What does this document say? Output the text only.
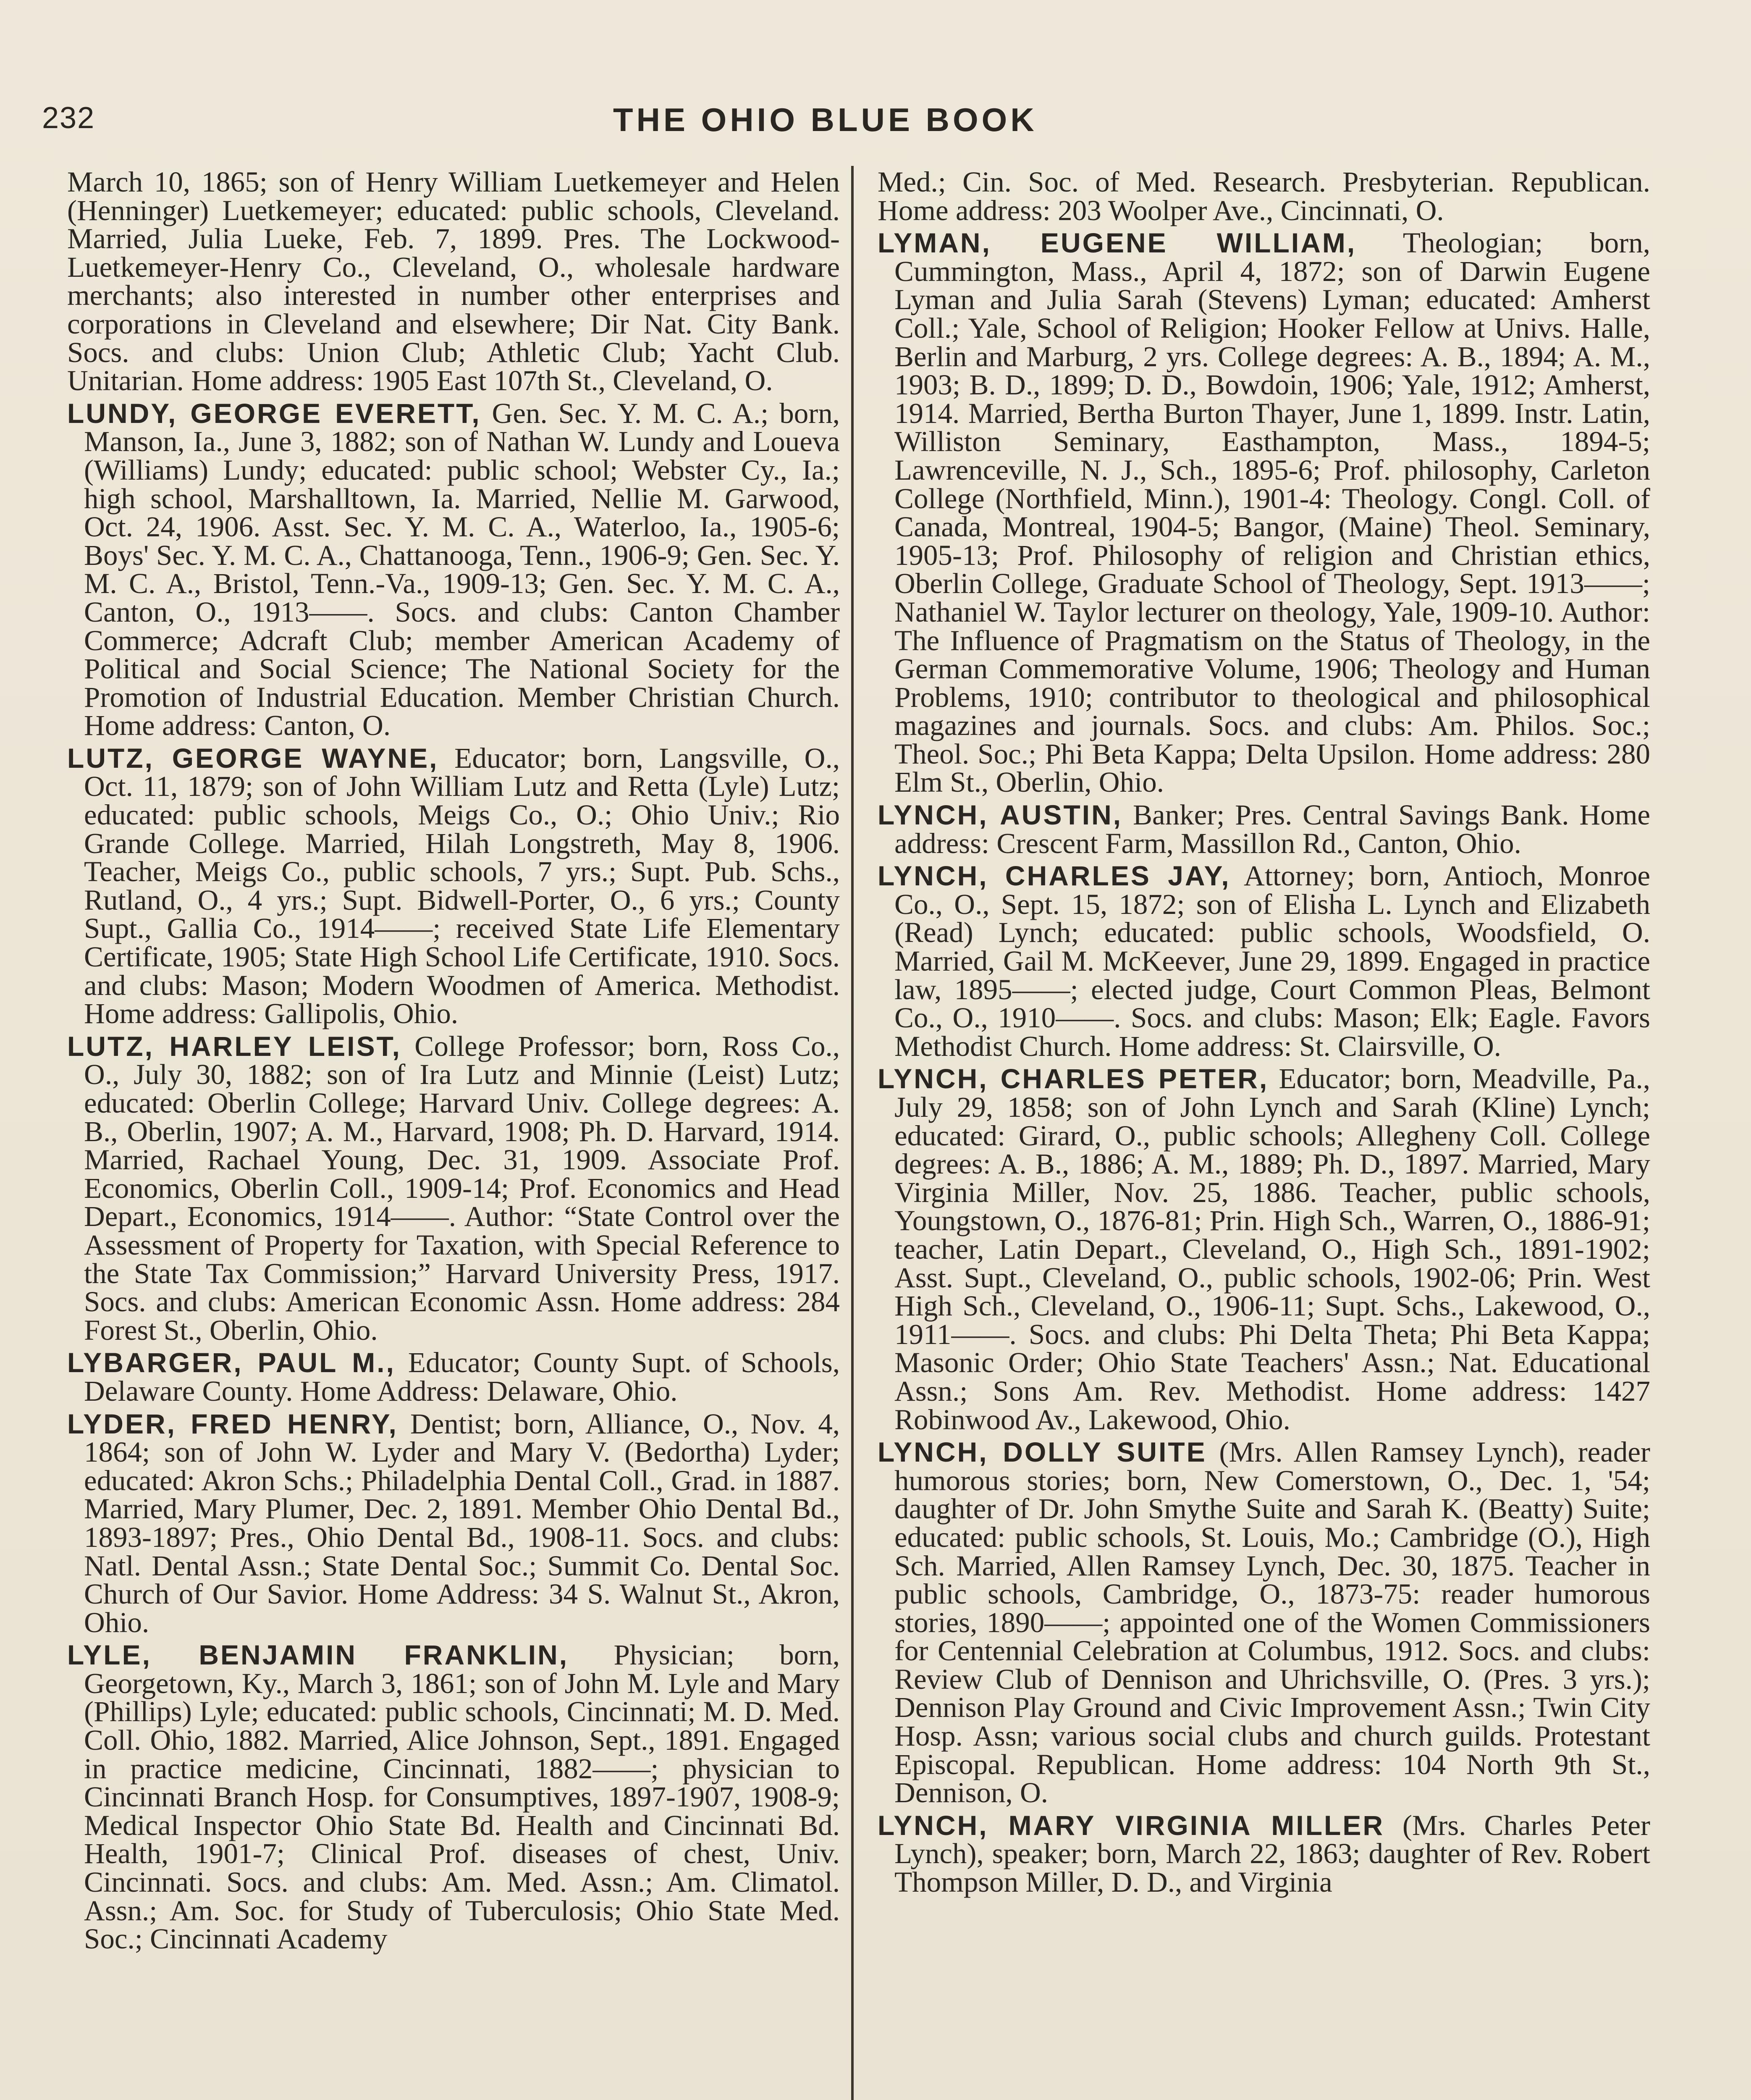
232	THE OHIO BLUE BOOK

March 10, 1865; son of Henry William Luetkemeyer and Helen (Henninger) Luetkemeyer; educated: public schools, Cleveland. Married, Julia Lueke, Feb. 7, 1899. Pres. The Lockwood-Luetkemeyer-Henry Co., Cleveland, O., wholesale hardware merchants; also interested in number other enterprises and corporations in Cleveland and elsewhere; Dir Nat. City Bank. Socs. and clubs: Union Club; Athletic Club; Yacht Club. Unitarian. Home address: 1905 East 107th St., Cleveland, O.

LUNDY, GEORGE EVERETT, Gen. Sec. Y. M. C. A.; born, Manson, Ia., June 3, 1882; son of Nathan W. Lundy and Loueva (Williams) Lundy; educated: public school; Webster Cy., Ia.; high school, Marshalltown, Ia. Married, Nellie M. Garwood, Oct. 24, 1906. Asst. Sec. Y. M. C. A., Waterloo, Ia., 1905-6; Boys' Sec. Y. M. C. A., Chattanooga, Tenn., 1906-9; Gen. Sec. Y. M. C. A., Bristol, Tenn.-Va., 1909-13; Gen. Sec. Y. M. C. A., Canton, O., 1913——. Socs. and clubs: Canton Chamber Commerce; Adcraft Club; member American Academy of Political and Social Science; The National Society for the Promotion of Industrial Education. Member Christian Church. Home address: Canton, O.

LUTZ, GEORGE WAYNE, Educator; born, Langsville, O., Oct. 11, 1879; son of John William Lutz and Retta (Lyle) Lutz; educated: public schools, Meigs Co., O.; Ohio Univ.; Rio Grande College. Married, Hilah Longstreth, May 8, 1906. Teacher, Meigs Co., public schools, 7 yrs.; Supt. Pub. Schs., Rutland, O., 4 yrs.; Supt. Bidwell-Porter, O., 6 yrs.; County Supt., Gallia Co., 1914——; received State Life Elementary Certificate, 1905; State High School Life Certificate, 1910. Socs. and clubs: Mason; Modern Woodmen of America. Methodist. Home address: Gallipolis, Ohio.

LUTZ, HARLEY LEIST, College Professor; born, Ross Co., O., July 30, 1882; son of Ira Lutz and Minnie (Leist) Lutz; educated: Oberlin College; Harvard Univ. College degrees: A. B., Oberlin, 1907; A. M., Harvard, 1908; Ph. D. Harvard, 1914. Married, Rachael Young, Dec. 31, 1909. Associate Prof. Economics, Oberlin Coll., 1909-14; Prof. Economics and Head Depart., Economics, 1914——. Author: “State Control over the Assessment of Property for Taxation, with Special Reference to the State Tax Commission;” Harvard University Press, 1917. Socs. and clubs: American Economic Assn. Home address: 284 Forest St., Oberlin, Ohio.

LYBARGER, PAUL M., Educator; County Supt. of Schools, Delaware County. Home Address: Delaware, Ohio.

LYDER, FRED HENRY, Dentist; born, Alliance, O., Nov. 4, 1864; son of John W. Lyder and Mary V. (Bedortha) Lyder; educated: Akron Schs.; Philadelphia Dental Coll., Grad. in 1887. Married, Mary Plumer, Dec. 2, 1891. Member Ohio Dental Bd., 1893-1897; Pres., Ohio Dental Bd., 1908-11. Socs. and clubs: Natl. Dental Assn.; State Dental Soc.; Summit Co. Dental Soc. Church of Our Savior. Home Address: 34 S. Walnut St., Akron, Ohio.

LYLE, BENJAMIN FRANKLIN, Physician; born, Georgetown, Ky., March 3, 1861; son of John M. Lyle and Mary (Phillips) Lyle; educated: public schools, Cincinnati; M. D. Med. Coll. Ohio, 1882. Married, Alice Johnson, Sept., 1891. Engaged in practice medicine, Cincinnati, 1882——; physician to Cincinnati Branch Hosp. for Consumptives, 1897-1907, 1908-9; Medical Inspector Ohio State Bd. Health and Cincinnati Bd. Health, 1901-7; Clinical Prof. diseases of chest, Univ. Cincinnati. Socs. and clubs: Am. Med. Assn.; Am. Climatol. Assn.; Am. Soc. for Study of Tuberculosis; Ohio State Med. Soc.; Cincinnati Academy

Med.; Cin. Soc. of Med. Research. Presbyterian. Republican. Home address: 203 Woolper Ave., Cincinnati, O.

LYMAN, EUGENE WILLIAM, Theologian; born, Cummington, Mass., April 4, 1872; son of Darwin Eugene Lyman and Julia Sarah (Stevens) Lyman; educated: Amherst Coll.; Yale, School of Religion; Hooker Fellow at Univs. Halle, Berlin and Marburg, 2 yrs. College degrees: A. B., 1894; A. M., 1903; B. D., 1899; D. D., Bowdoin, 1906; Yale, 1912; Amherst, 1914. Married, Bertha Burton Thayer, June 1, 1899. Instr. Latin, Williston Seminary, Easthampton, Mass., 1894-5; Lawrenceville, N. J., Sch., 1895-6; Prof. philosophy, Carleton College (Northfield, Minn.), 1901-4: Theology. Congl. Coll. of Canada, Montreal, 1904-5; Bangor, (Maine) Theol. Seminary, 1905-13; Prof. Philosophy of religion and Christian ethics, Oberlin College, Graduate School of Theology, Sept. 1913——; Nathaniel W. Taylor lecturer on theology, Yale, 1909-10. Author: The Influence of Pragmatism on the Status of Theology, in the German Commemorative Volume, 1906; Theology and Human Problems, 1910; contributor to theological and philosophical magazines and journals. Socs. and clubs: Am. Philos. Soc.; Theol. Soc.; Phi Beta Kappa; Delta Upsilon. Home address: 280 Elm St., Oberlin, Ohio.

LYNCH, AUSTIN, Banker; Pres. Central Savings Bank. Home address: Crescent Farm, Massillon Rd., Canton, Ohio.

LYNCH, CHARLES JAY, Attorney; born, Antioch, Monroe Co., O., Sept. 15, 1872; son of Elisha L. Lynch and Elizabeth (Read) Lynch; educated: public schools, Woodsfield, O. Married, Gail M. McKeever, June 29, 1899. Engaged in practice law, 1895——; elected judge, Court Common Pleas, Belmont Co., O., 1910——. Socs. and clubs: Mason; Elk; Eagle. Favors Methodist Church. Home address: St. Clairsville, O.

LYNCH, CHARLES PETER, Educator; born, Meadville, Pa., July 29, 1858; son of John Lynch and Sarah (Kline) Lynch; educated: Girard, O., public schools; Allegheny Coll. College degrees: A. B., 1886; A. M., 1889; Ph. D., 1897. Married, Mary Virginia Miller, Nov. 25, 1886. Teacher, public schools, Youngstown, O., 1876-81; Prin. High Sch., Warren, O., 1886-91; teacher, Latin Depart., Cleveland, O., High Sch., 1891-1902; Asst. Supt., Cleveland, O., public schools, 1902-06; Prin. West High Sch., Cleveland, O., 1906-11; Supt. Schs., Lakewood, O., 1911——. Socs. and clubs: Phi Delta Theta; Phi Beta Kappa; Masonic Order; Ohio State Teachers' Assn.; Nat. Educational Assn.; Sons Am. Rev. Methodist. Home address: 1427 Robinwood Av., Lakewood, Ohio.

LYNCH, DOLLY SUITE (Mrs. Allen Ramsey Lynch), reader humorous stories; born, New Comerstown, O., Dec. 1, '54; daughter of Dr. John Smythe Suite and Sarah K. (Beatty) Suite; educated: public schools, St. Louis, Mo.; Cambridge (O.), High Sch. Married, Allen Ramsey Lynch, Dec. 30, 1875. Teacher in public schools, Cambridge, O., 1873-75: reader humorous stories, 1890——; appointed one of the Women Commissioners for Centennial Celebration at Columbus, 1912. Socs. and clubs: Review Club of Dennison and Uhrichsville, O. (Pres. 3 yrs.); Dennison Play Ground and Civic Improvement Assn.; Twin City Hosp. Assn; various social clubs and church guilds. Protestant Episcopal. Republican. Home address: 104 North 9th St., Dennison, O.

LYNCH, MARY VIRGINIA MILLER (Mrs. Charles Peter Lynch), speaker; born, March 22, 1863; daughter of Rev. Robert Thompson Miller, D. D., and Virginia
